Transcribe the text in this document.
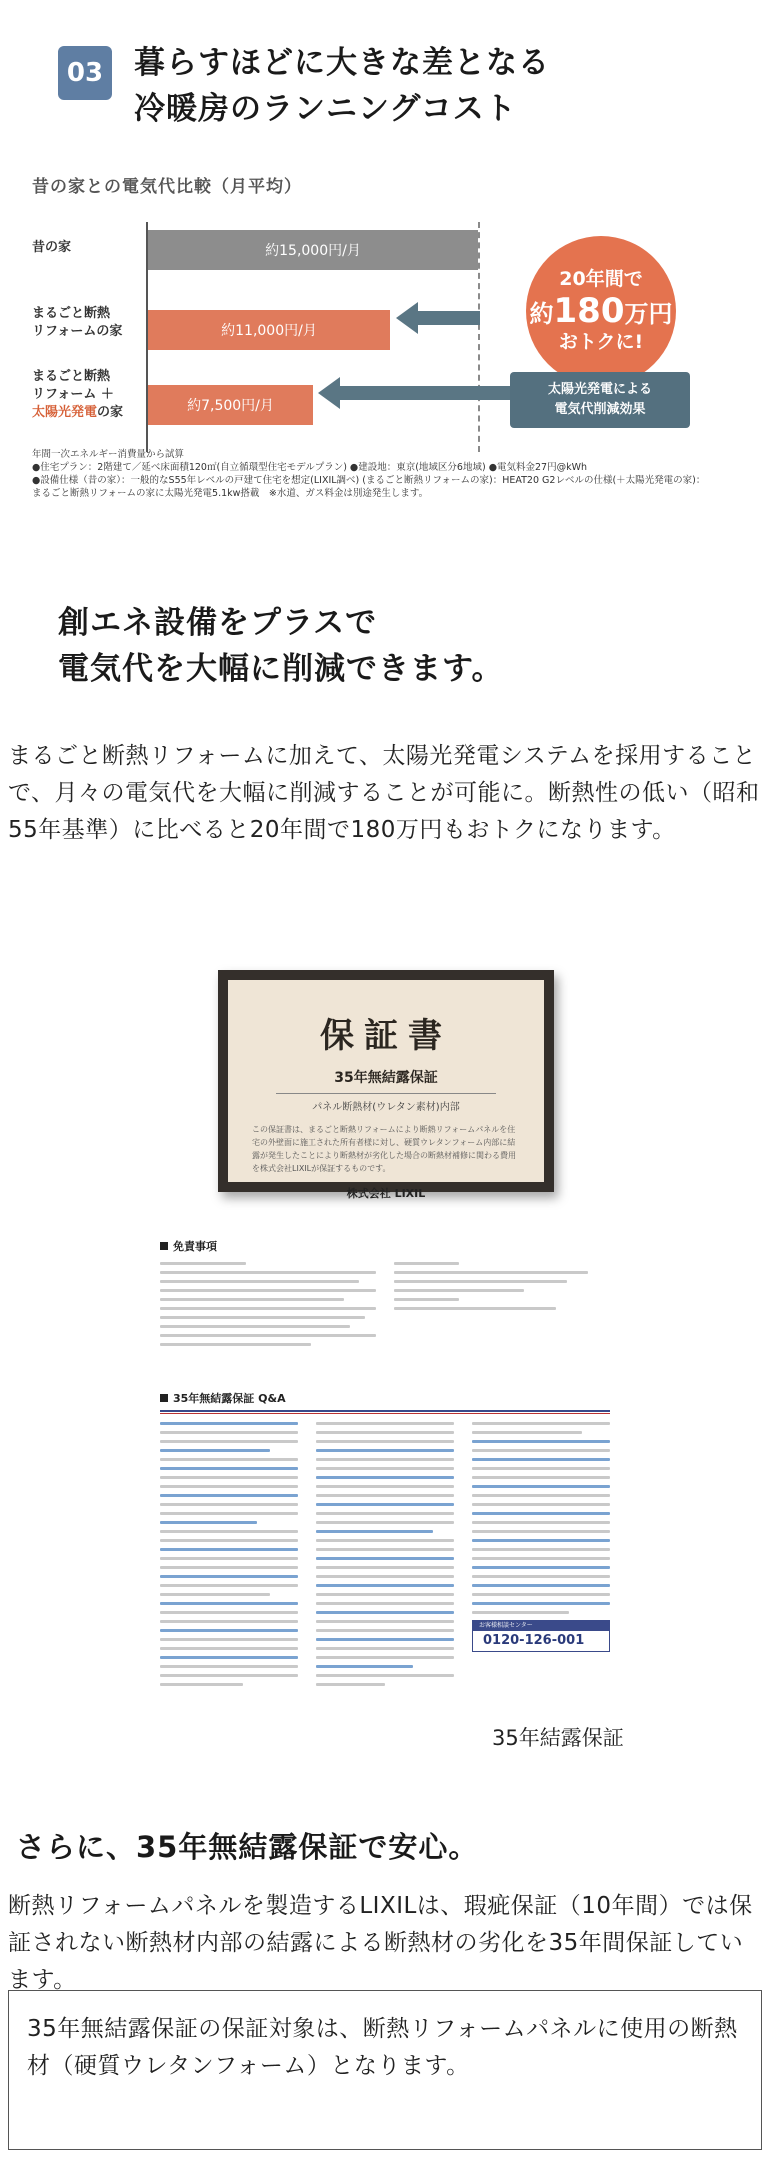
03 暮らすほどに大きな差となる
冷暖房のランニングコスト
昔の家との電気代比較（月平均）
昔の家	約15,000円/月
まるごと断熱
リフォームの家	約11,000円/月
まるごと断熱
リフォーム ＋
太陽光発電の家	約7,500円/月
20年間で
約180万円
おトクに!
太陽光発電による
電気代削減効果
年間一次エネルギー消費量から試算
●住宅プラン：2階建て／延べ床面積120㎡(自立循環型住宅モデルプラン) ●建設地：東京(地域区分6地域) ●電気料金27円@kWh
●設備仕様（昔の家）：一般的なS55年レベルの戸建て住宅を想定(LIXIL調べ) (まるごと断熱リフォームの家)：HEAT20 G2レベルの仕様(＋太陽光発電の家)：
まるごと断熱リフォームの家に太陽光発電5.1kw搭載　※水道、ガス料金は別途発生します。
創エネ設備をプラスで
電気代を大幅に削減できます。
まるごと断熱リフォームに加えて、太陽光発電システムを採用することで、月々の電気代を大幅に削減することが可能に。断熱性の低い（昭和55年基準）に比べると20年間で180万円もおトクになります。
保証書
35年無結露保証
パネル断熱材(ウレタン素材)内部
この保証書は、まるごと断熱リフォームにより断熱リフォームパネルを住宅の外壁面に施工された所有者様に対し、硬質ウレタンフォーム内部に結露が発生したことにより断熱材が劣化した場合の断熱材補修に関わる費用を株式会社LIXILが保証するものです。
株式会社 LIXIL
免責事項
35年無結露保証 Q&A
お客様相談センター
0120-126-001
35年結露保証
さらに、35年無結露保証で安心。
断熱リフォームパネルを製造するLIXILは、瑕疵保証（10年間）では保証されない断熱材内部の結露による断熱材の劣化を35年間保証しています。
35年無結露保証の保証対象は、断熱リフォームパネルに使用の断熱材（硬質ウレタンフォーム）となります。
